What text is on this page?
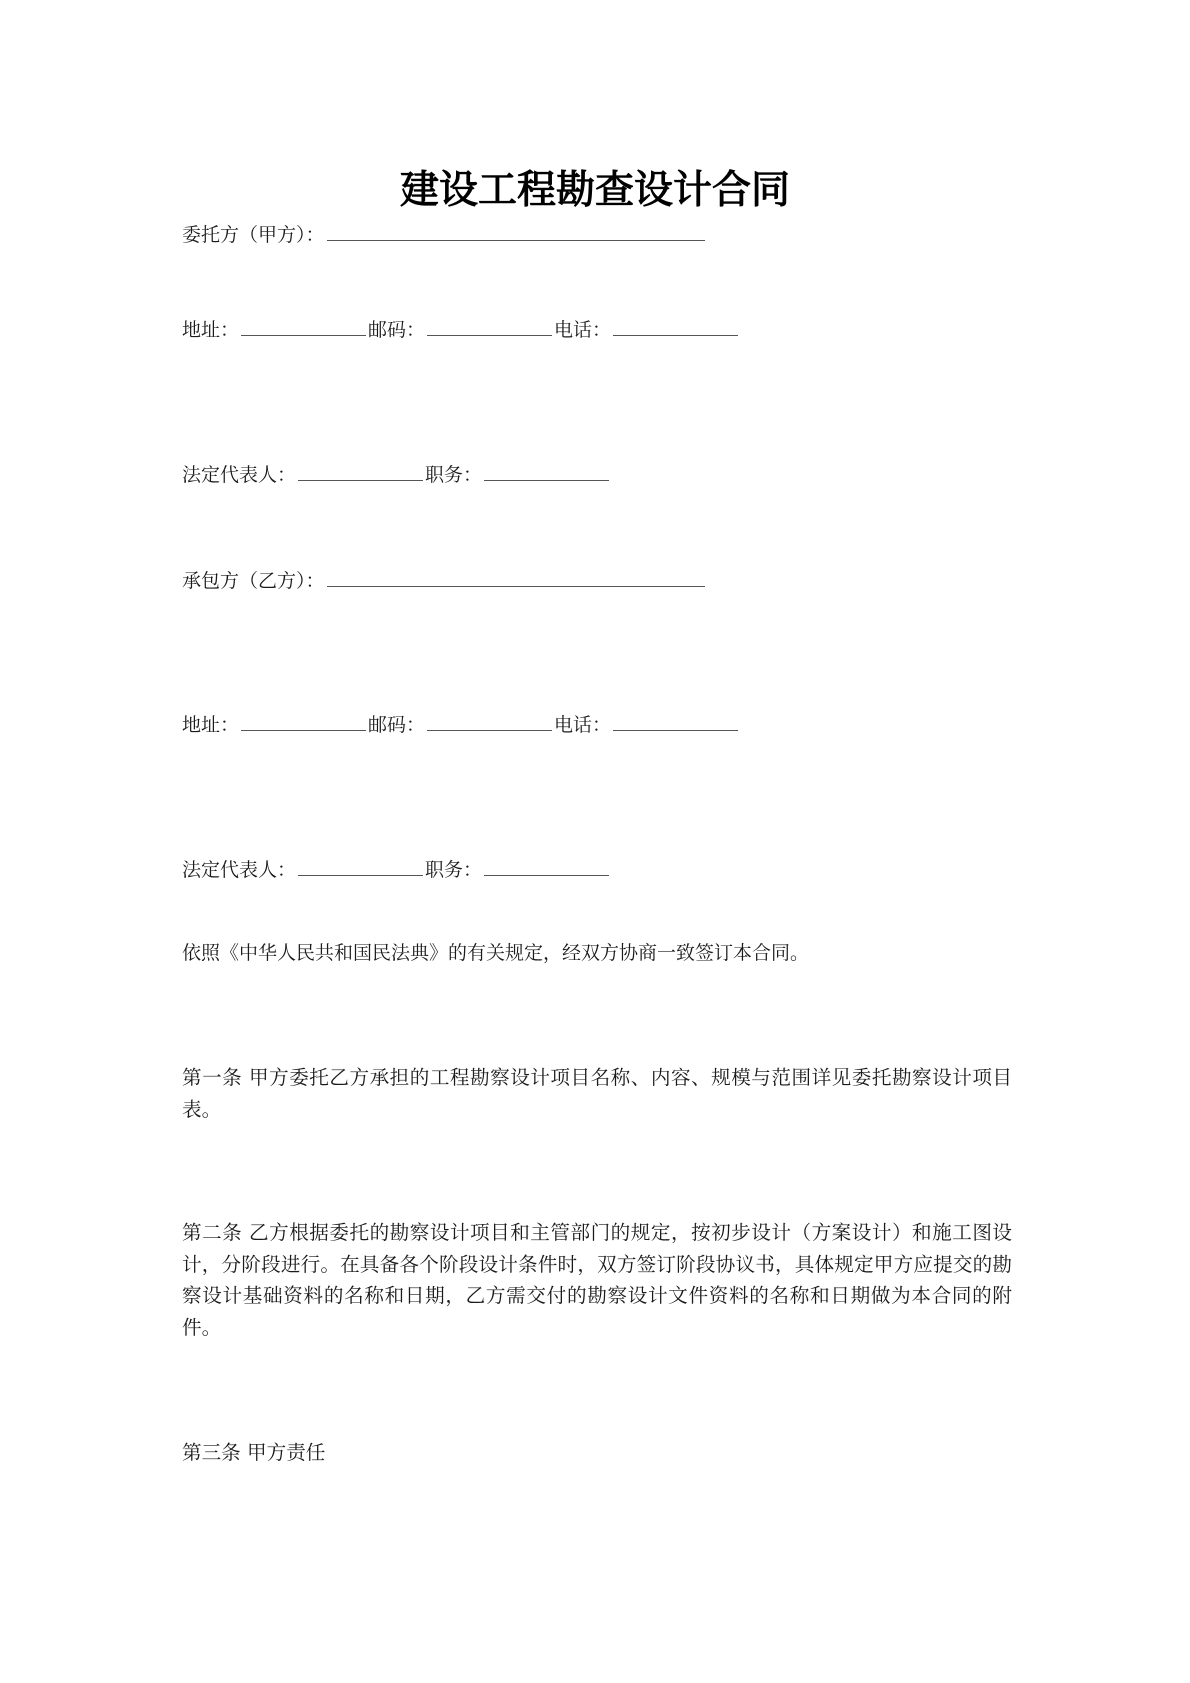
建设工程勘查设计合同
委托方（甲方）：
地址：	邮码：	电话：
法定代表人：	职务：
承包方（乙方）：
地址：	邮码：	电话：
法定代表人：	职务：
依照《中华人民共和国民法典》的有关规定，经双方协商一致签订本合同。
第一条 甲方委托乙方承担的工程勘察设计项目名称、内容、规模与范围详见委托勘察设计项目表。
第二条 乙方根据委托的勘察设计项目和主管部门的规定，按初步设计（方案设计）和施工图设计，分阶段进行。在具备各个阶段设计条件时，双方签订阶段协议书，具体规定甲方应提交的勘察设计基础资料的名称和日期，乙方需交付的勘察设计文件资料的名称和日期做为本合同的附件。
第三条 甲方责任
